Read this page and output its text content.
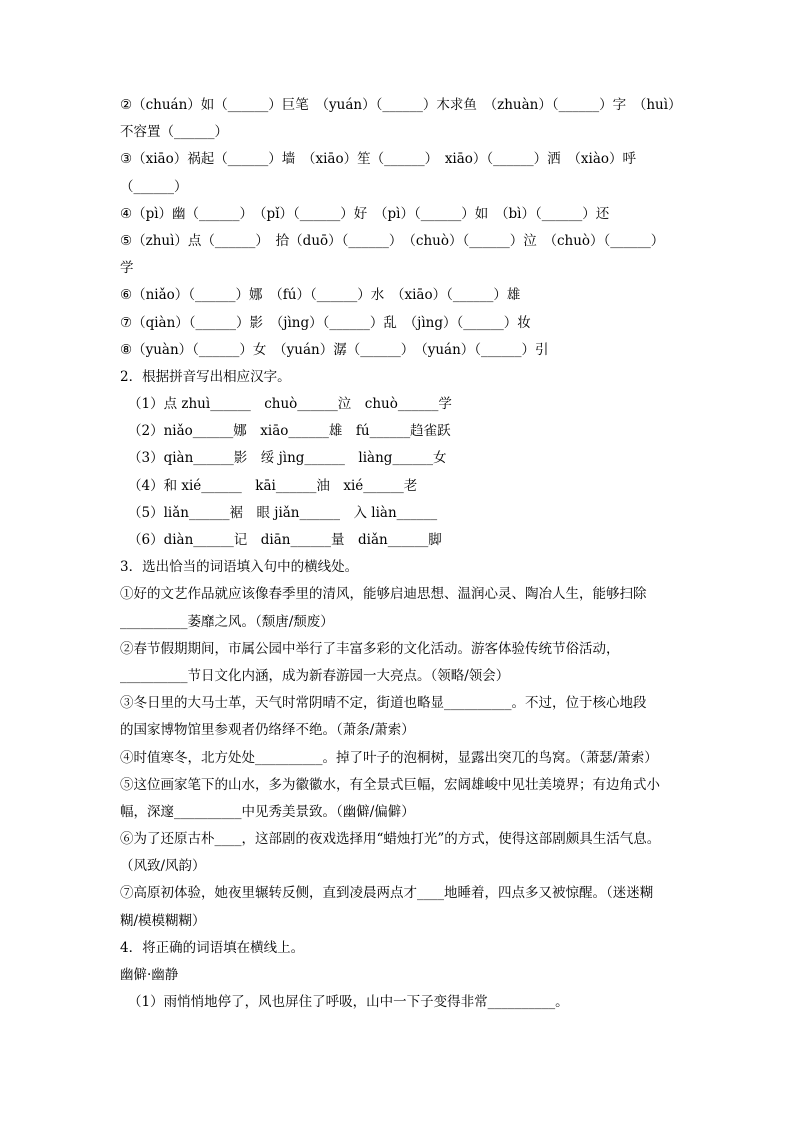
②（chuán）如（______）巨笔　（yuán）（______）木求鱼　（zhuàn）（______）字　（huì）
不容置（______）
③（xiāo）祸起（______）墙　（xiāo）笙（______）　xiāo）（______）洒　（xiào）呼
（______）
④（pì）幽（______）　（pǐ）（______）好　（pì）（______）如　（bì）（______）还
⑤（zhuì）点（______）　拾（duō）（______）　（chuò）（______）泣　（chuò）（______）
学
⑥（niǎo）（______）娜　（fú）（______）水　（xiāo）（______）雄
⑦（qiàn）（______）影　（jìng）（______）乱　（jìng）（______）妆
⑧（yuàn）（______）女　（yuán）潺（______）　（yuán）（______）引
2．根据拼音写出相应汉字。
（1）点 zhuì______　chuò______泣　chuò______学
（2）niǎo______娜　xiāo______雄　fú______趋雀跃
（3）qiàn______影　绥 jìng______　liàng______女
（4）和 xié______　kāi______油　xié______老
（5）liǎn______裾　眼 jiǎn______　入 liàn______
（6）diàn______记　diān______量　diǎn______脚
3．选出恰当的词语填入句中的横线处。
①好的文艺作品就应该像春季里的清风，能够启迪思想、温润心灵、陶冶人生，能够扫除
__________萎靡之风。（颓唐/颓废）
②春节假期期间，市属公园中举行了丰富多彩的文化活动。游客体验传统节俗活动，
__________节日文化内涵，成为新春游园一大亮点。（领略/领会）
③冬日里的大马士革，天气时常阴晴不定，街道也略显__________。不过，位于核心地段
的国家博物馆里参观者仍络绎不绝。（萧条/萧索）
④时值寒冬，北方处处__________。掉了叶子的泡桐树，显露出突兀的鸟窝。（萧瑟/萧索）
⑤这位画家笔下的山水，多为徽徽水，有全景式巨幅，宏阔雄峻中见壮美境界；有边角式小
幅，深邃__________中见秀美景致。（幽僻/偏僻）
⑥为了还原古朴____，这部剧的夜戏选择用“蜡烛打光”的方式，使得这部剧颇具生活气息。
（风致/风韵）
⑦高原初体验，她夜里辗转反侧，直到凌晨两点才____地睡着，四点多又被惊醒。（迷迷糊
糊/模模糊糊）
4．将正确的词语填在横线上。
幽僻·幽静
（1）雨悄悄地停了，风也屏住了呼吸，山中一下子变得非常__________。
